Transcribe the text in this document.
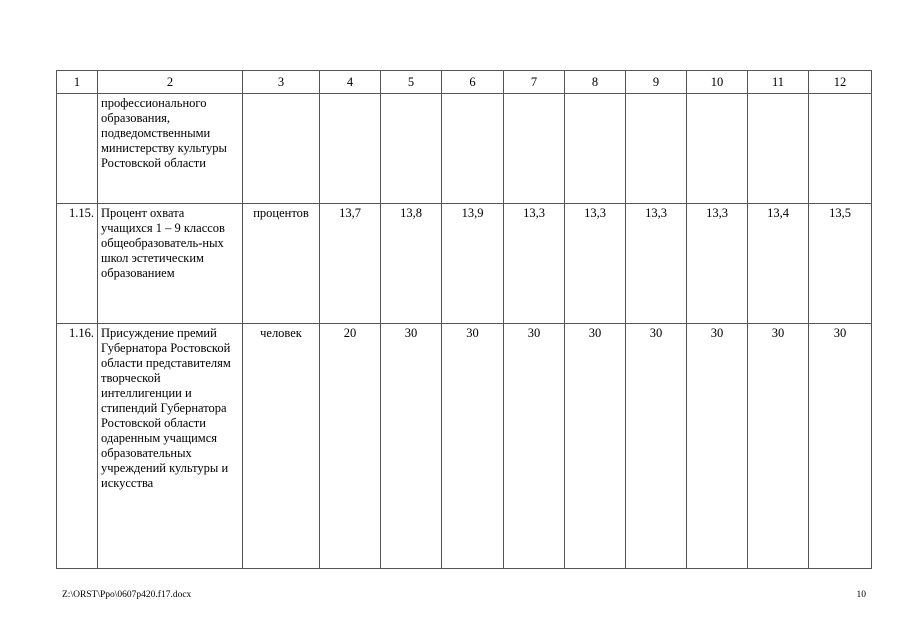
1	2	3	4	5	6	7	8	9	10	11	12
	профессионального образования, подведомственными министерству культуры Ростовской области										
1.15.	Процент охвата учащихся 1 – 9 классов общеобразователь-ных школ эстетическим образованием	процентов	13,7	13,8	13,9	13,3	13,3	13,3	13,3	13,4	13,5
1.16.	Присуждение премий Губернатора Ростовской области представителям творческой интеллигенции и стипендий Губернатора Ростовской области одаренным учащимся образовательных учреждений культуры и искусства	человек	20	30	30	30	30	30	30	30	30
Z:\ORST\Ppo\0607p420.f17.docx	10
